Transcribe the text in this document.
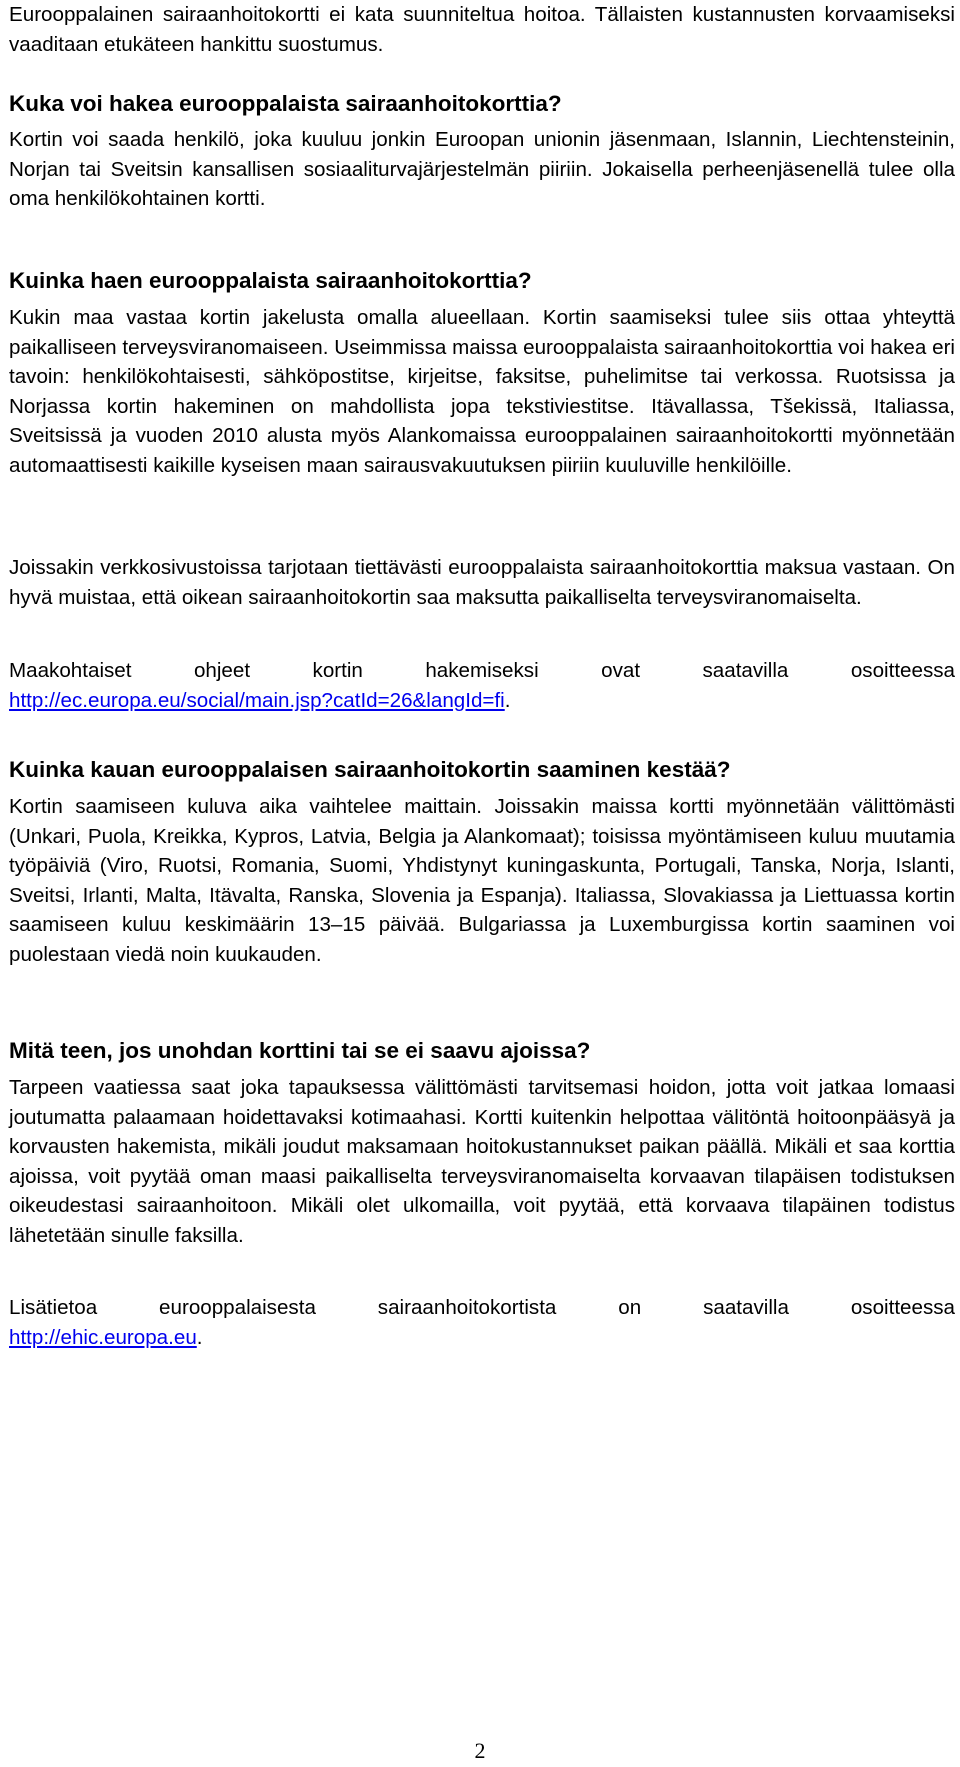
Eurooppalainen sairaanhoitokortti ei kata suunniteltua hoitoa. Tällaisten kustannusten korvaamiseksi vaaditaan etukäteen hankittu suostumus.

Kuka voi hakea eurooppalaista sairaanhoitokorttia?

Kortin voi saada henkilö, joka kuuluu jonkin Euroopan unionin jäsenmaan, Islannin, Liechtensteinin, Norjan tai Sveitsin kansallisen sosiaaliturvajärjestelmän piiriin. Jokaisella perheenjäsenellä tulee olla oma henkilökohtainen kortti.

Kuinka haen eurooppalaista sairaanhoitokorttia?

Kukin maa vastaa kortin jakelusta omalla alueellaan. Kortin saamiseksi tulee siis ottaa yhteyttä paikalliseen terveysviranomaiseen. Useimmissa maissa eurooppalaista sairaanhoitokorttia voi hakea eri tavoin: henkilökohtaisesti, sähköpostitse, kirjeitse, faksitse, puhelimitse tai verkossa. Ruotsissa ja Norjassa kortin hakeminen on mahdollista jopa tekstiviestitse. Itävallassa, Tšekissä, Italiassa, Sveitsissä ja vuoden 2010 alusta myös Alankomaissa eurooppalainen sairaanhoitokortti myönnetään automaattisesti kaikille kyseisen maan sairausvakuutuksen piiriin kuuluville henkilöille.

Joissakin verkkosivustoissa tarjotaan tiettävästi eurooppalaista sairaanhoitokorttia maksua vastaan. On hyvä muistaa, että oikean sairaanhoitokortin saa maksutta paikalliselta terveysviranomaiselta.

Maakohtaiset ohjeet kortin hakemiseksi ovat saatavilla osoitteessahttp://ec.europa.eu/social/main.jsp?catId=26&langId=fi.

Kuinka kauan eurooppalaisen sairaanhoitokortin saaminen kestää?

Kortin saamiseen kuluva aika vaihtelee maittain. Joissakin maissa kortti myönnetään välittömästi (Unkari, Puola, Kreikka, Kypros, Latvia, Belgia ja Alankomaat); toisissa myöntämiseen kuluu muutamia työpäiviä (Viro, Ruotsi, Romania, Suomi, Yhdistynyt kuningaskunta, Portugali, Tanska, Norja, Islanti, Sveitsi, Irlanti, Malta, Itävalta, Ranska, Slovenia ja Espanja). Italiassa, Slovakiassa ja Liettuassa kortin saamiseen kuluu keskimäärin 13–15 päivää. Bulgariassa ja Luxemburgissa kortin saaminen voi puolestaan viedä noin kuukauden.

Mitä teen, jos unohdan korttini tai se ei saavu ajoissa?

Tarpeen vaatiessa saat joka tapauksessa välittömästi tarvitsemasi hoidon, jotta voit jatkaa lomaasi joutumatta palaamaan hoidettavaksi kotimaahasi. Kortti kuitenkin helpottaa välitöntä hoitoonpääsyä ja korvausten hakemista, mikäli joudut maksamaan hoitokustannukset paikan päällä. Mikäli et saa korttia ajoissa, voit pyytää oman maasi paikalliselta terveysviranomaiselta korvaavan tilapäisen todistuksen oikeudestasi sairaanhoitoon. Mikäli olet ulkomailla, voit pyytää, että korvaava tilapäinen todistus lähetetään sinulle faksilla.

Lisätietoa eurooppalaisesta sairaanhoitokortista on saatavilla osoitteessahttp://ehic.europa.eu.

2
